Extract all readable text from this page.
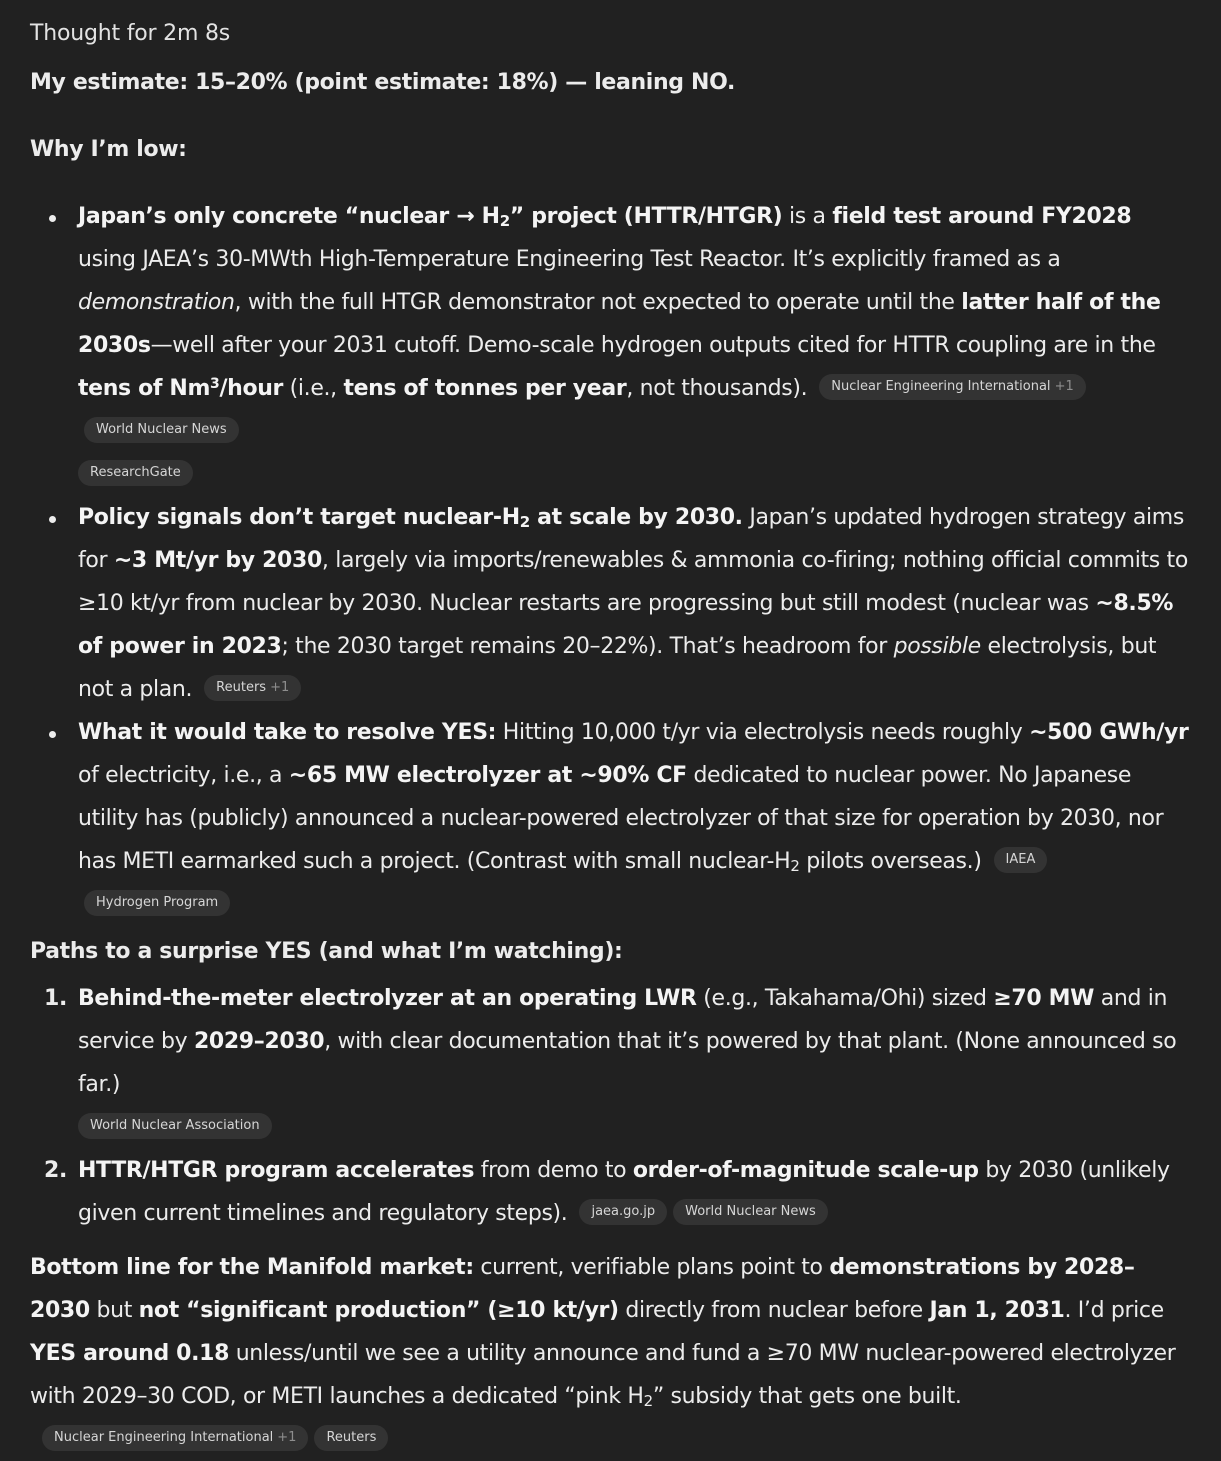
Thought for 2m 8s

My estimate: 15–20% (point estimate: 18%) — leaning NO.

Why I’m low:

Japan’s only concrete “nuclear → $H_2$” project (HTTR/HTGR) is a field test around FY2028 using JAEA’s 30-MWth High-Temperature Engineering Test Reactor. It’s explicitly framed as a demonstration, with the full HTGR demonstrator not expected to operate until the latter half of the 2030s—well after your 2031 cutoff. Demo-scale hydrogen outputs cited for HTTR coupling are in the tens of Nm$^3$/hour (i.e., tens of tonnes per year, not thousands). Nuclear Engineering International +1World Nuclear News

ResearchGate
Policy signals don’t target nuclear-$H_2$ at scale by 2030. Japan’s updated hydrogen strategy aims for ~3 Mt/yr by 2030, largely via imports/renewables & ammonia co-firing; nothing official commits to ≥10 kt/yr from nuclear by 2030. Nuclear restarts are progressing but still modest (nuclear was ~8.5% of power in 2023; the 2030 target remains 20–22%). That’s headroom for possible electrolysis, but not a plan. Reuters +1
What it would take to resolve YES: Hitting 10,000 t/yr via electrolysis needs roughly ~500 GWh/yr of electricity, i.e., a ~65 MW electrolyzer at ~90% CF dedicated to nuclear power. No Japanese utility has (publicly) announced a nuclear-powered electrolyzer of that size for operation by 2030, nor has METI earmarked such a project. (Contrast with small nuclear-$H_2$ pilots overseas.) IAEAHydrogen Program

Paths to a surprise YES (and what I’m watching):

1. Behind-the-meter electrolyzer at an operating LWR (e.g., Takahama/Ohi) sized ≥70 MW and in service by 2029–2030, with clear documentation that it’s powered by that plant. (None announced so far.)

World Nuclear Association
2. HTTR/HTGR program accelerates from demo to order-of-magnitude scale-up by 2030 (unlikely given current timelines and regulatory steps). jaea.go.jp World Nuclear News

Bottom line for the Manifold market: current, verifiable plans point to demonstrations by 2028–2030 but not “significant production” (≥10 kt/yr) directly from nuclear before Jan 1, 2031. I’d price YES around 0.18 unless/until we see a utility announce and fund a ≥70 MW nuclear-powered electrolyzer with 2029–30 COD, or METI launches a dedicated “pink $H_2$” subsidy that gets one built.Nuclear Engineering International +1 Reuters
